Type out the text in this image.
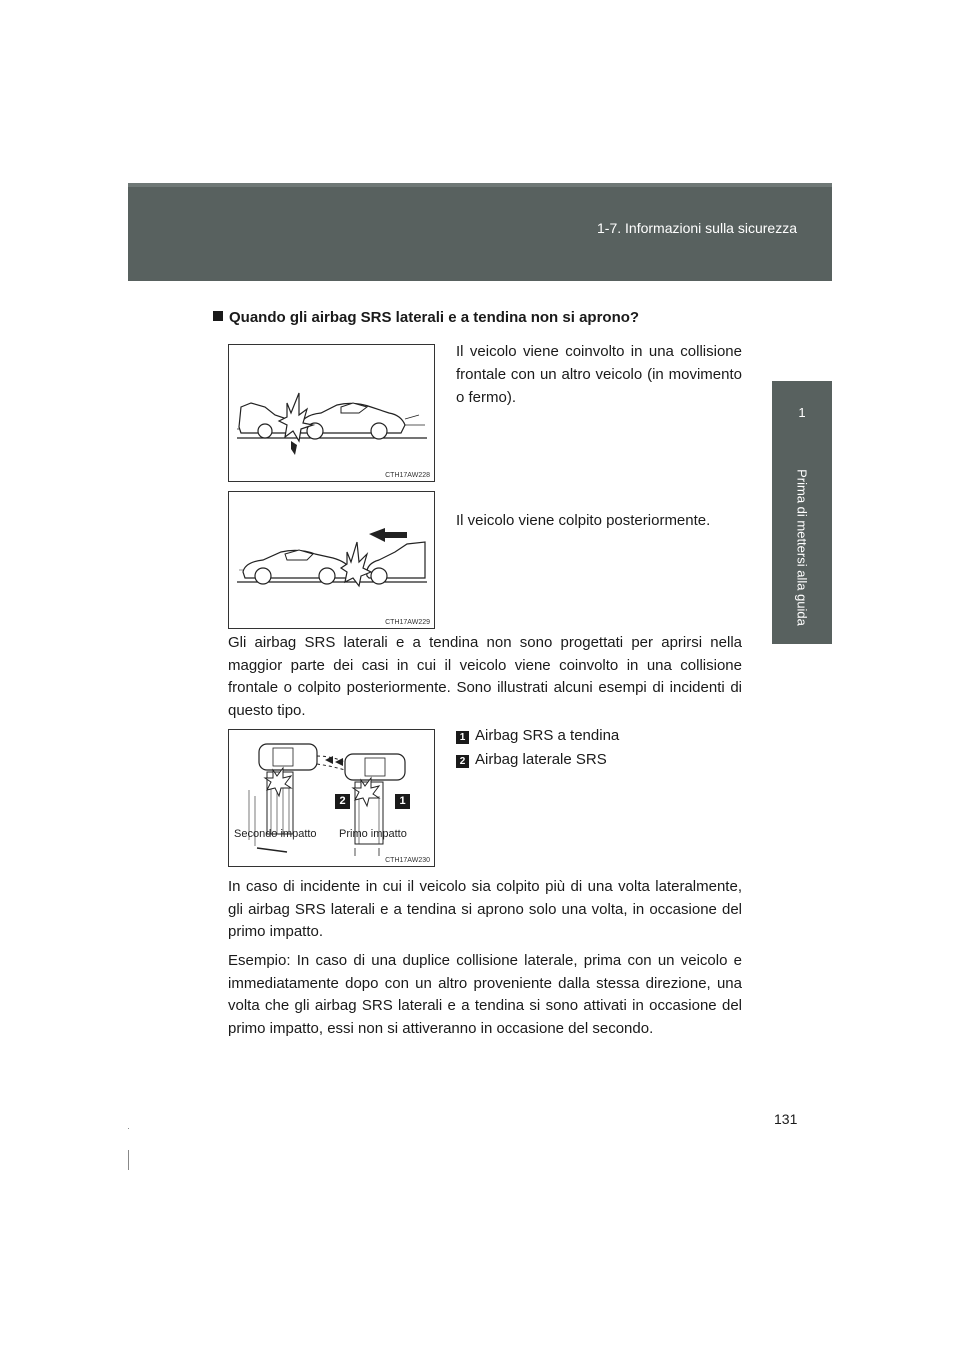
1-7. Informazioni sulla sicurezza
1
Prima di mettersi alla guida
Quando gli airbag SRS laterali e a tendina non si aprono?
CTH17AW228
Il veicolo viene coinvolto in una collisione frontale con un altro veicolo (in movimento o fermo).
CTH17AW229
Il veicolo viene colpito posteriormente.
Gli airbag SRS laterali e a tendina non sono progettati per aprirsi nella maggior parte dei casi in cui il veicolo viene coinvolto in una collisione frontale o colpito posteriormente. Sono illustrati alcuni esempi di incidenti di questo tipo.
2	1
Secondo impatto Primo impatto
CTH17AW230
1 Airbag SRS a tendina
2 Airbag laterale SRS
In caso di incidente in cui il veicolo sia colpito più di una volta lateralmente, gli airbag SRS laterali e a tendina si aprono solo una volta, in occasione del primo impatto.
Esempio: In caso di una duplice collisione laterale, prima con un veicolo e immediatamente dopo con un altro proveniente dalla stessa direzione, una volta che gli airbag SRS laterali e a tendina si sono attivati in occasione del primo impatto, essi non si attiveranno in occasione del secondo.
131
